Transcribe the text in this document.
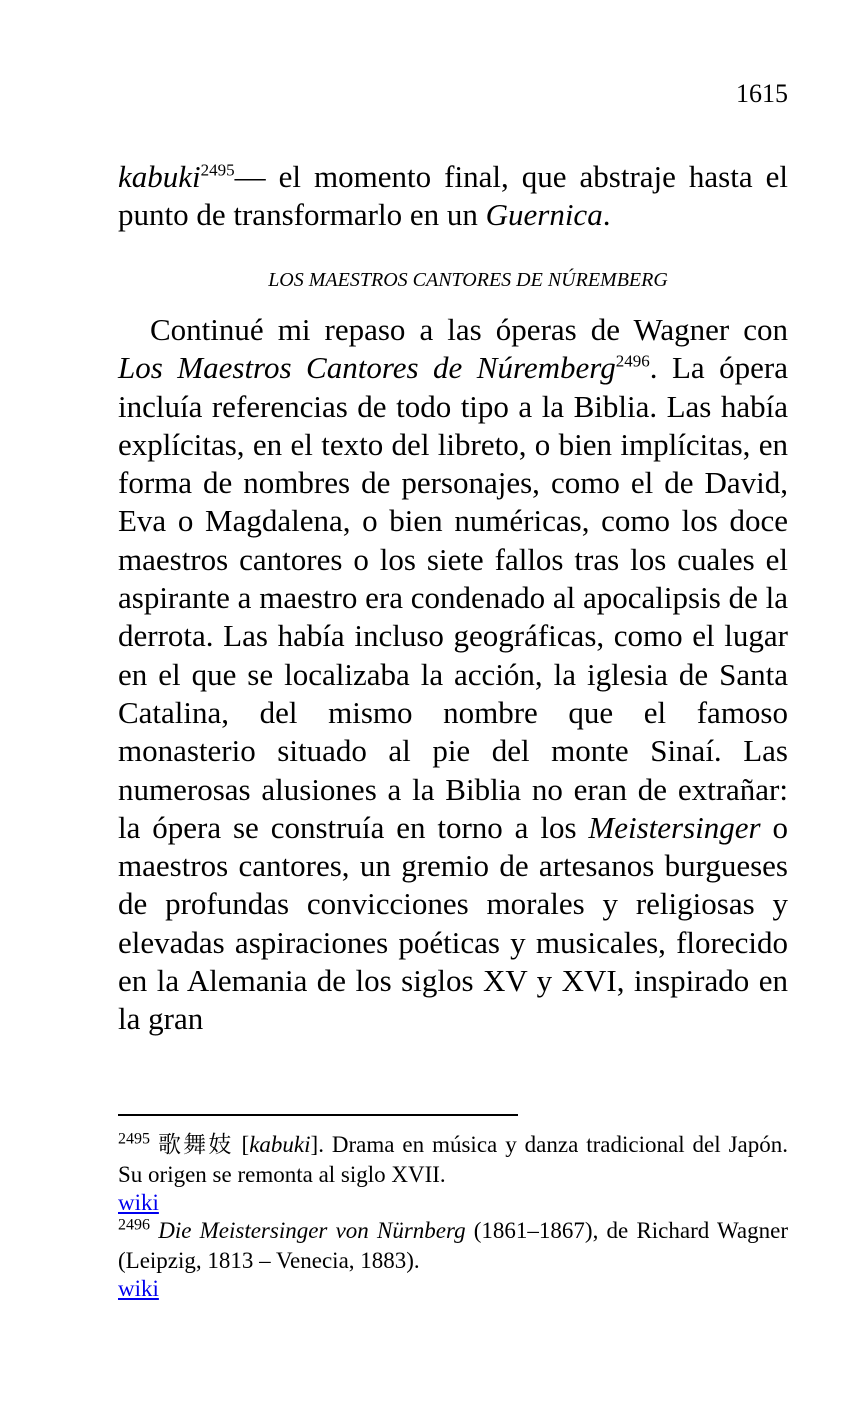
1615

kabuki$^{2495}$— el momento final, que abstraje hasta el punto de transformarlo en un Guernica.

LOS MAESTROS CANTORES DE NÚREMBERG

Continué mi repaso a las óperas de Wagner con Los Maestros Cantores de Núremberg$^{2496}$. La ópera incluía referencias de todo tipo a la Biblia. Las había explícitas, en el texto del libreto, o bien implícitas, en forma de nombres de personajes, como el de David, Eva o Magdalena, o bien numéricas, como los doce maestros cantores o los siete fallos tras los cuales el aspirante a maestro era condenado al apocalipsis de la derrota. Las había incluso geográficas, como el lugar en el que se localizaba la acción, la iglesia de Santa Catalina, del mismo nombre que el famoso monasterio situado al pie del monte Sinaí. Las numerosas alusiones a la Biblia no eran de extrañar: la ópera se construía en torno a los Meistersinger o maestros cantores, un gremio de artesanos burgueses de profundas convicciones morales y religiosas y elevadas aspiraciones poéticas y musicales, florecido en la Alemania de los siglos XV y XVI, inspirado en la gran

$^{2495}$ 歌舞妓 [kabuki]. Drama en música y danza tradicional del Japón. Su origen se remonta al siglo XVII.

wiki

$^{2496}$ Die Meistersinger von Nürnberg (1861–1867), de Richard Wagner (Leipzig, 1813 – Venecia, 1883).

wiki
